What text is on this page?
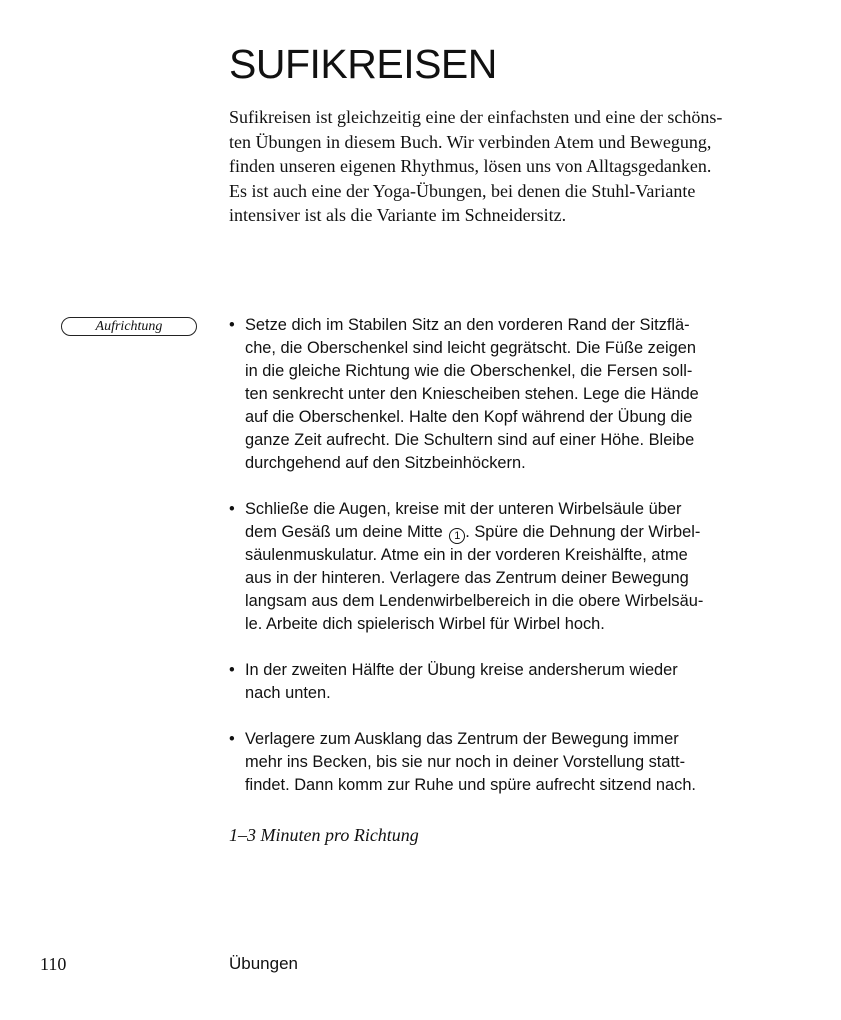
SUFIKREISEN

Sufikreisen ist gleichzeitig eine der einfachsten und eine der schöns-
ten Übungen in diesem Buch. Wir verbinden Atem und Bewegung,
finden unseren eigenen Rhythmus, lösen uns von Alltagsgedanken.
Es ist auch eine der Yoga-Übungen, bei denen die Stuhl-Variante
intensiver ist als die Variante im Schneidersitz.

Aufrichtung	• Setze dich im Stabilen Sitz an den vorderen Rand der Sitzflä-
che, die Oberschenkel sind leicht gegrätscht. Die Füße zeigen
in die gleiche Richtung wie die Oberschenkel, die Fersen soll-
ten senkrecht unter den Kniescheiben stehen. Lege die Hände
auf die Oberschenkel. Halte den Kopf während der Übung die
ganze Zeit aufrecht. Die Schultern sind auf einer Höhe. Bleibe
durchgehend auf den Sitzbeinhöckern.
• Schließe die Augen, kreise mit der unteren Wirbelsäule über
dem Gesäß um deine Mitte 1 . Spüre die Dehnung der Wirbel-
säulenmuskulatur. Atme ein in der vorderen Kreishälfte, atme
aus in der hinteren. Verlagere das Zentrum deiner Bewegung
langsam aus dem Lendenwirbelbereich in die obere Wirbelsäu-
le. Arbeite dich spielerisch Wirbel für Wirbel hoch.
• In der zweiten Hälfte der Übung kreise andersherum wieder
nach unten.
• Verlagere zum Ausklang das Zentrum der Bewegung immer
mehr ins Becken, bis sie nur noch in deiner Vorstellung statt-
findet. Dann komm zur Ruhe und spüre aufrecht sitzend nach.
1–3 Minuten pro Richtung
110	Übungen
